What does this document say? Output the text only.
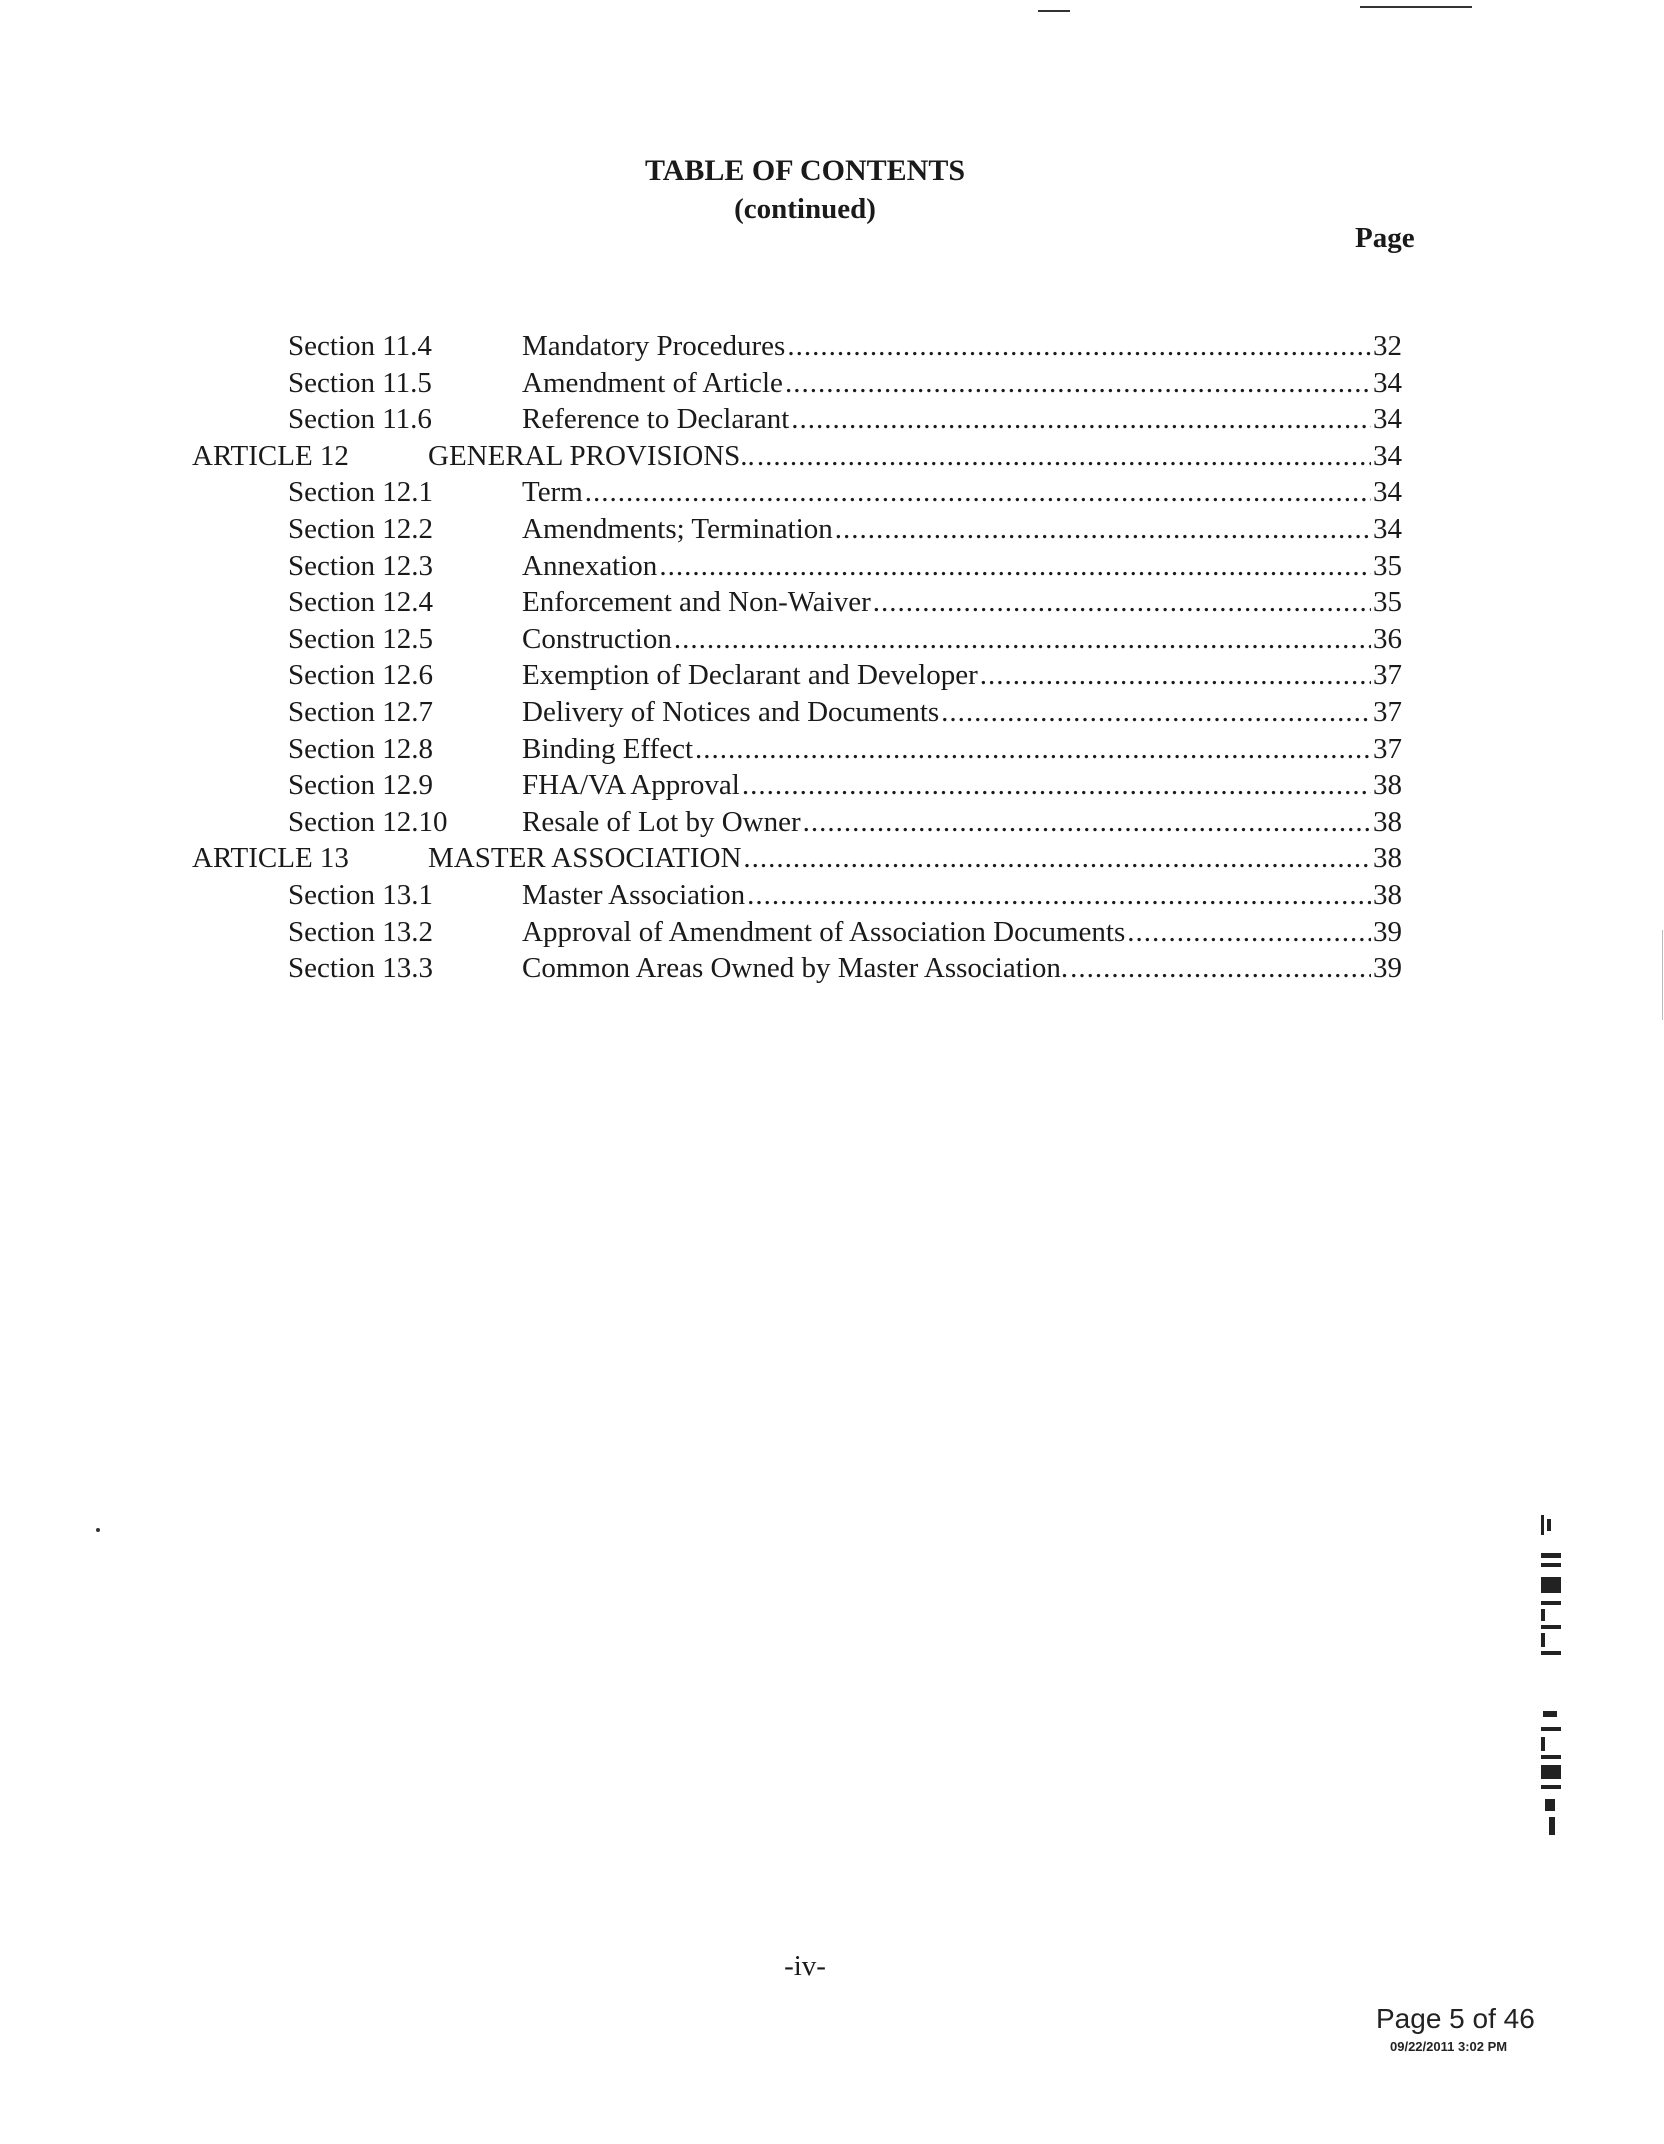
TABLE OF CONTENTS
(continued)
Page
Section 11.4	Mandatory Procedures .....	32
Section 11.5	Amendment of Article .....	34
Section 11.6	Reference to Declarant .....	34
ARTICLE 12	GENERAL PROVISIONS.. .....	34
Section 12.1	Term .....	34
Section 12.2	Amendments; Termination .....	34
Section 12.3	Annexation .....	35
Section 12.4	Enforcement and Non-Waiver .....	35
Section 12.5	Construction .....	36
Section 12.6	Exemption of Declarant and Developer .....	37
Section 12.7	Delivery of Notices and Documents .....	37
Section 12.8	Binding Effect .....	37
Section 12.9	FHA/VA Approval .....	38
Section 12.10	Resale of Lot by Owner .....	38
ARTICLE 13	MASTER ASSOCIATION .....	38
Section 13.1	Master Association .....	38
Section 13.2	Approval of Amendment of Association Documents .....	39
Section 13.3	Common Areas Owned by Master Association. .....	39
-iv-
Page 5 of 46
09/22/2011 3:02 PM
